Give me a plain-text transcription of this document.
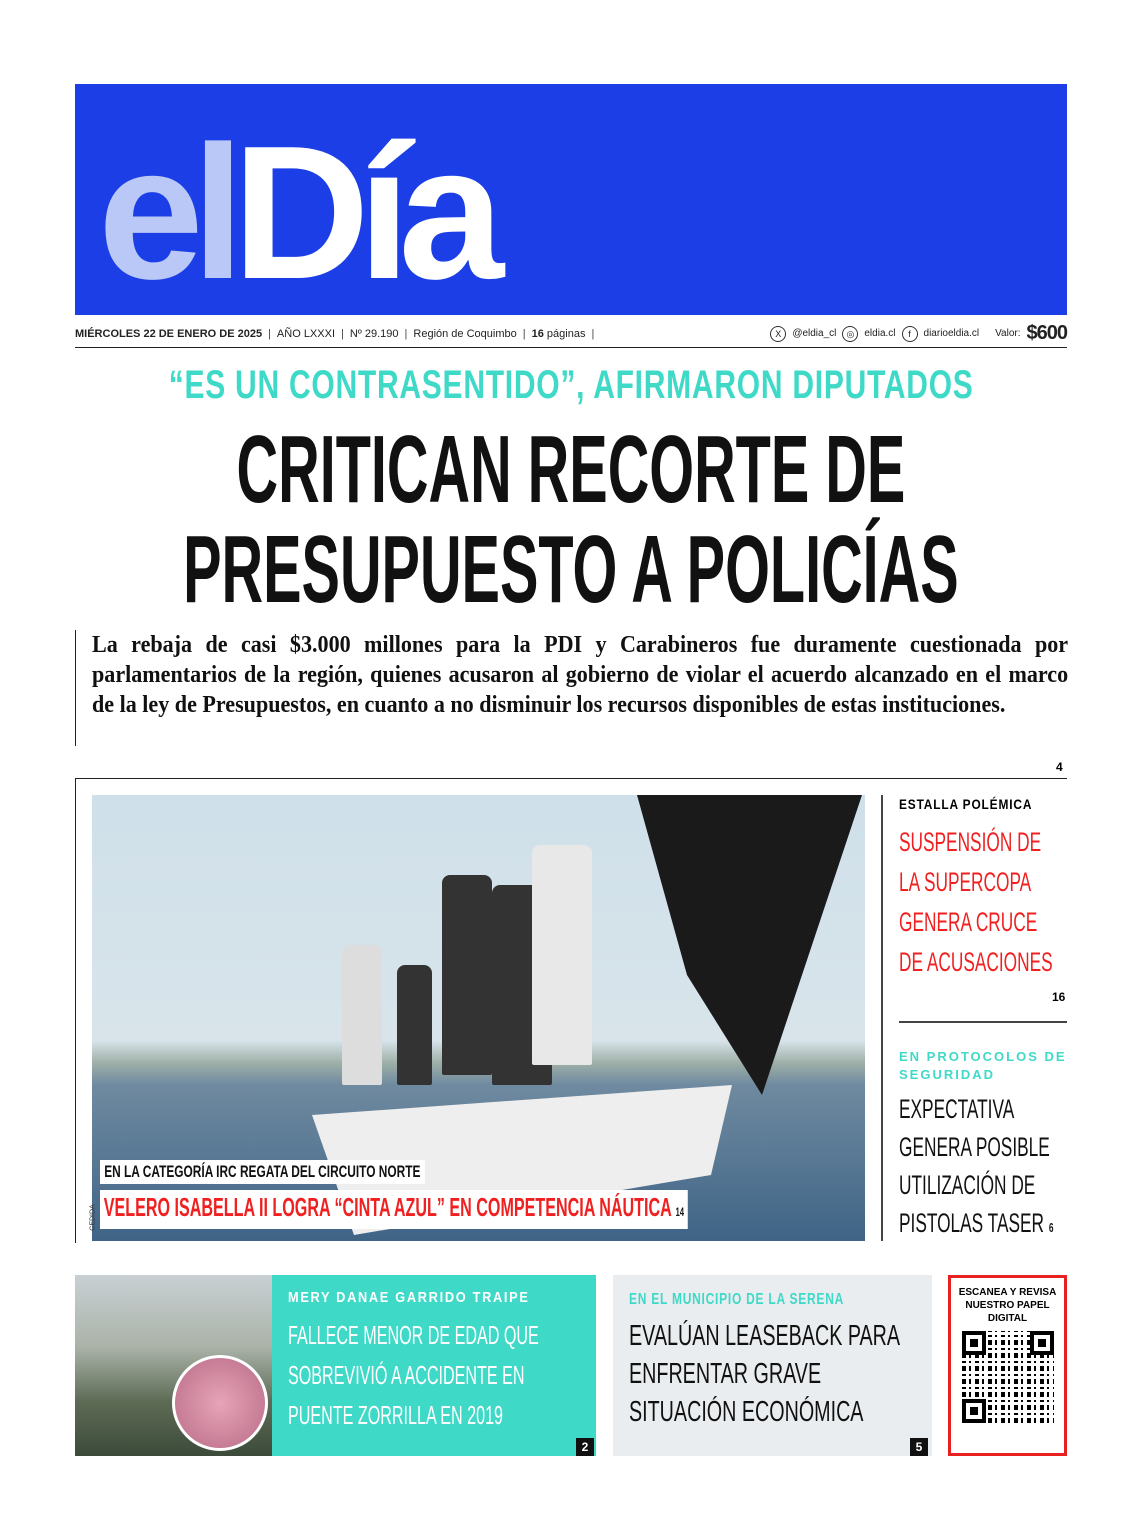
elDía
MIÉRCOLES 22 DE ENERO DE 2025 | AÑO LXXXI | Nº 29.190 | Región de Coquimbo | 16
páginas |	X	@eldia_cl	◎	eldia.cl	f	diarioeldia.cl Valor: $600
“ES UN CONTRASENTIDO”, AFIRMARON DIPUTADOS
CRITICAN RECORTE DE PRESUPUESTO A POLICÍAS
La rebaja de casi $3.000 millones para la PDI y Carabineros fue duramente cuestionada por parlamentarios de la región, quienes acusaron al gobierno de violar el acuerdo alcanzado en el marco de la ley de Presupuestos, en cuanto a no disminuir los recursos disponibles de estas instituciones.
4
CEDIDA
EN LA CATEGORÍA IRC REGATA DEL CIRCUITO NORTE
VELERO ISABELLA II LOGRA “CINTA AZUL” EN COMPETENCIA NÁUTICA 14
ESTALLA POLÉMICA
SUSPENSIÓN DE LA SUPERCOPA GENERA CRUCE DE ACUSACIONES
16
EN PROTOCOLOS DE SEGURIDAD
EXPECTATIVA GENERA POSIBLE UTILIZACIÓN DE PISTOLAS TASER 6
MERY DANAE GARRIDO TRAIPE
FALLECE MENOR DE EDAD QUE SOBREVIVIÓ A ACCIDENTE EN PUENTE ZORRILLA EN 2019
2
EN EL MUNICIPIO DE LA SERENA
EVALÚAN LEASEBACK PARA ENFRENTAR GRAVE SITUACIÓN ECONÓMICA
5
ESCANEA Y REVISA NUESTRO PAPEL DIGITAL
